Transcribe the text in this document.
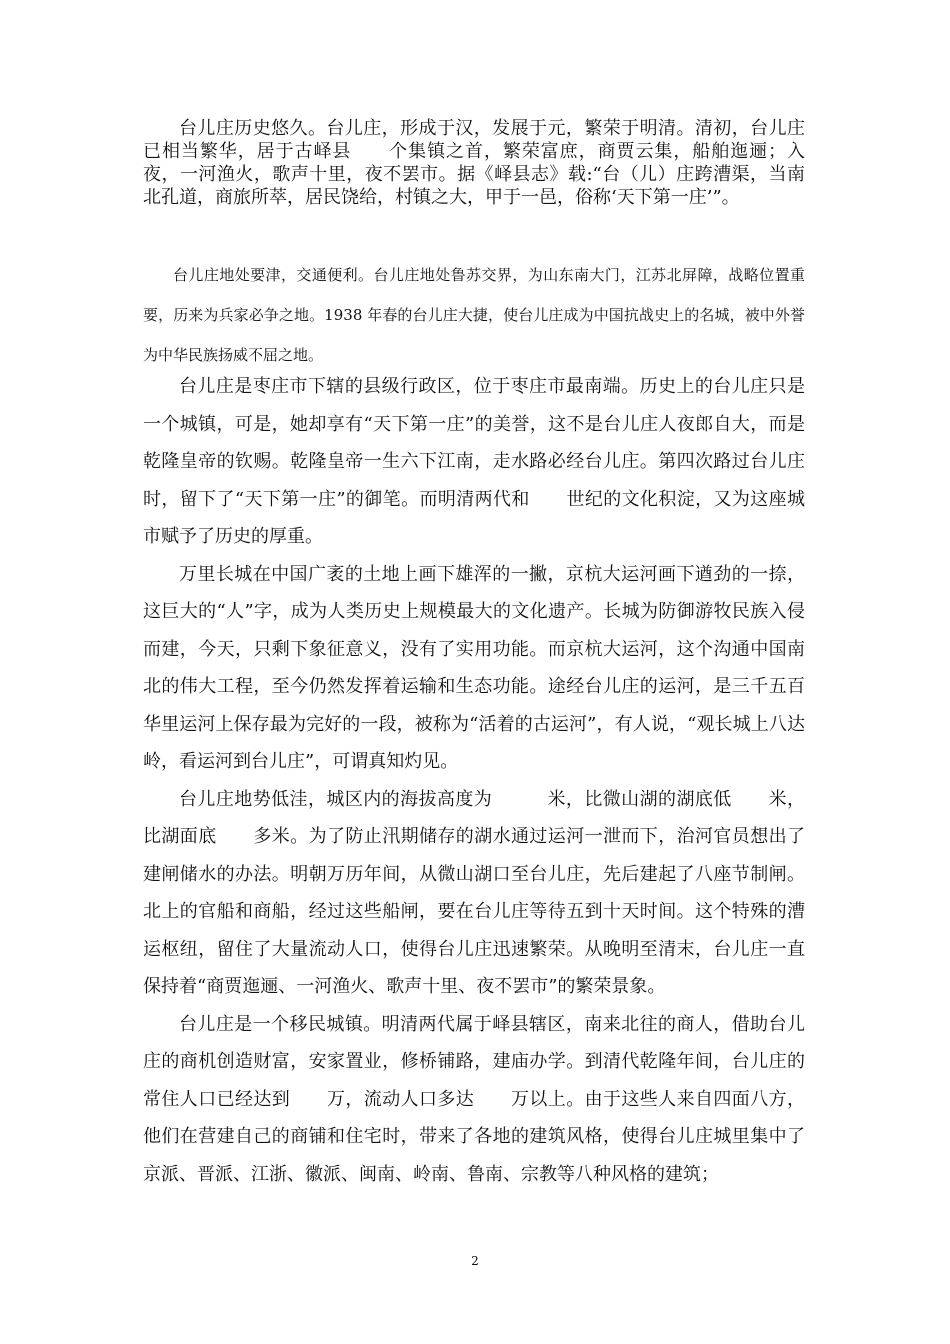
台儿庄历史悠久。台儿庄，形成于汉，发展于元，繁荣于明清。清初，台儿庄已相当繁华，居于古峄县　　个集镇之首，繁荣富庶，商贾云集，船舶迤逦；入夜，一河渔火，歌声十里，夜不罢市。据《峄县志》载:“台（儿）庄跨漕渠，当南北孔道，商旅所萃，居民饶给，村镇之大，甲于一邑，俗称‘天下第一庄’”。

台儿庄地处要津，交通便利。台儿庄地处鲁苏交界，为山东南大门，江苏北屏障，战略位置重要，历来为兵家必争之地。1938 年春的台儿庄大捷，使台儿庄成为中国抗战史上的名城，被中外誉为中华民族扬威不屈之地。

台儿庄是枣庄市下辖的县级行政区，位于枣庄市最南端。历史上的台儿庄只是一个城镇，可是，她却享有“天下第一庄”的美誉，这不是台儿庄人夜郎自大，而是乾隆皇帝的钦赐。乾隆皇帝一生六下江南，走水路必经台儿庄。第四次路过台儿庄时，留下了“天下第一庄”的御笔。而明清两代和　　世纪的文化积淀，又为这座城市赋予了历史的厚重。

万里长城在中国广袤的土地上画下雄浑的一撇，京杭大运河画下遒劲的一捺，这巨大的“人”字，成为人类历史上规模最大的文化遗产。长城为防御游牧民族入侵而建，今天，只剩下象征意义，没有了实用功能。而京杭大运河，这个沟通中国南北的伟大工程，至今仍然发挥着运输和生态功能。途经台儿庄的运河，是三千五百华里运河上保存最为完好的一段，被称为“活着的古运河”，有人说，“观长城上八达岭，看运河到台儿庄”，可谓真知灼见。

台儿庄地势低洼，城区内的海拔高度为　　　米，比微山湖的湖底低　　米，比湖面底　　多米。为了防止汛期储存的湖水通过运河一泄而下，治河官员想出了建闸储水的办法。明朝万历年间，从微山湖口至台儿庄，先后建起了八座节制闸。北上的官船和商船，经过这些船闸，要在台儿庄等待五到十天时间。这个特殊的漕运枢纽，留住了大量流动人口，使得台儿庄迅速繁荣。从晚明至清末，台儿庄一直保持着“商贾迤逦、一河渔火、歌声十里、夜不罢市”的繁荣景象。

台儿庄是一个移民城镇。明清两代属于峄县辖区，南来北往的商人，借助台儿庄的商机创造财富，安家置业，修桥铺路，建庙办学。到清代乾隆年间，台儿庄的常住人口已经达到　　万，流动人口多达　　万以上。由于这些人来自四面八方，他们在营建自己的商铺和住宅时，带来了各地的建筑风格，使得台儿庄城里集中了京派、晋派、江浙、徽派、闽南、岭南、鲁南、宗教等八种风格的建筑；

2
